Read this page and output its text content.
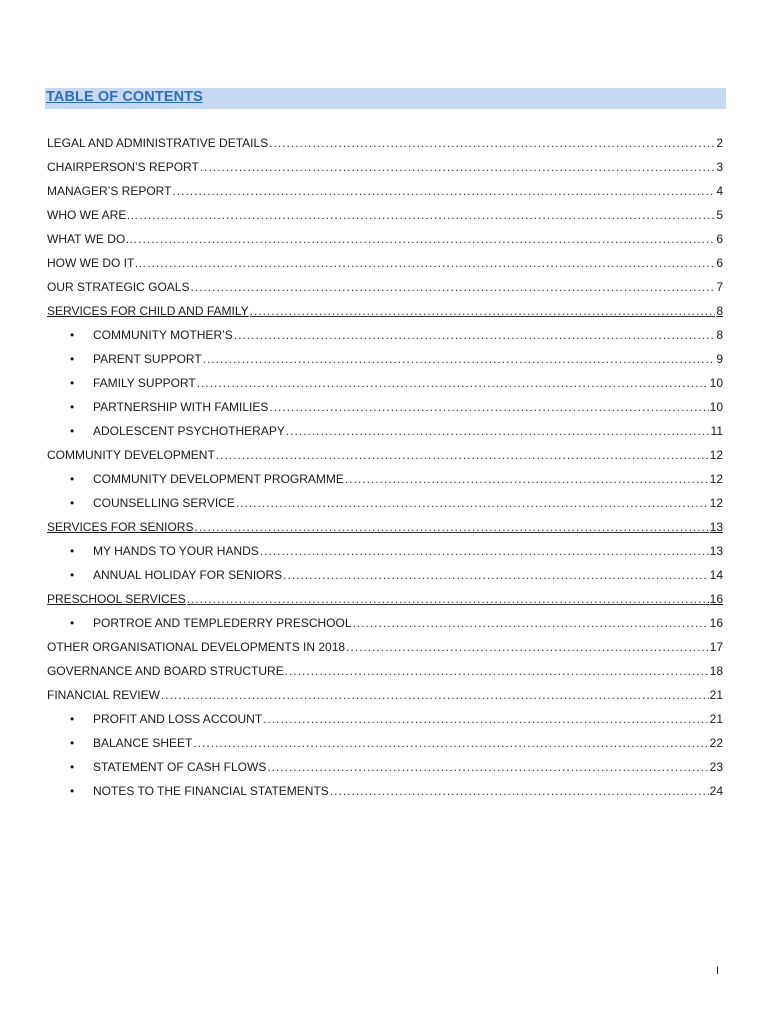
TABLE OF CONTENTS
LEGAL AND ADMINISTRATIVE DETAILS .....	2
CHAIRPERSON’S REPORT .....	3
MANAGER’S REPORT .....	4
WHO WE ARE… .....	5
WHAT WE DO… .....	6
HOW WE DO IT… .....	6
OUR STRATEGIC GOALS .....	7
SERVICES FOR CHILD AND FAMILY .....	8
• COMMUNITY MOTHER’S .....	8
• PARENT SUPPORT .....	9
• FAMILY SUPPORT .....	10
• PARTNERSHIP WITH FAMILIES .....	10
• ADOLESCENT PSYCHOTHERAPY .....	11
COMMUNITY DEVELOPMENT .....	12
• COMMUNITY DEVELOPMENT PROGRAMME .....	12
• COUNSELLING SERVICE .....	12
SERVICES FOR SENIORS .....	13
• MY HANDS TO YOUR HANDS .....	13
• ANNUAL HOLIDAY FOR SENIORS .....	14
PRESCHOOL SERVICES .....	16
• PORTROE AND TEMPLEDERRY PRESCHOOL .....	16
OTHER ORGANISATIONAL DEVELOPMENTS IN 2018 .....	17
GOVERNANCE AND BOARD STRUCTURE .....	18
FINANCIAL REVIEW .....	21
• PROFIT AND LOSS ACCOUNT .....	21
• BALANCE SHEET .....	22
• STATEMENT OF CASH FLOWS .....	23
• NOTES TO THE FINANCIAL STATEMENTS .....	24
I
